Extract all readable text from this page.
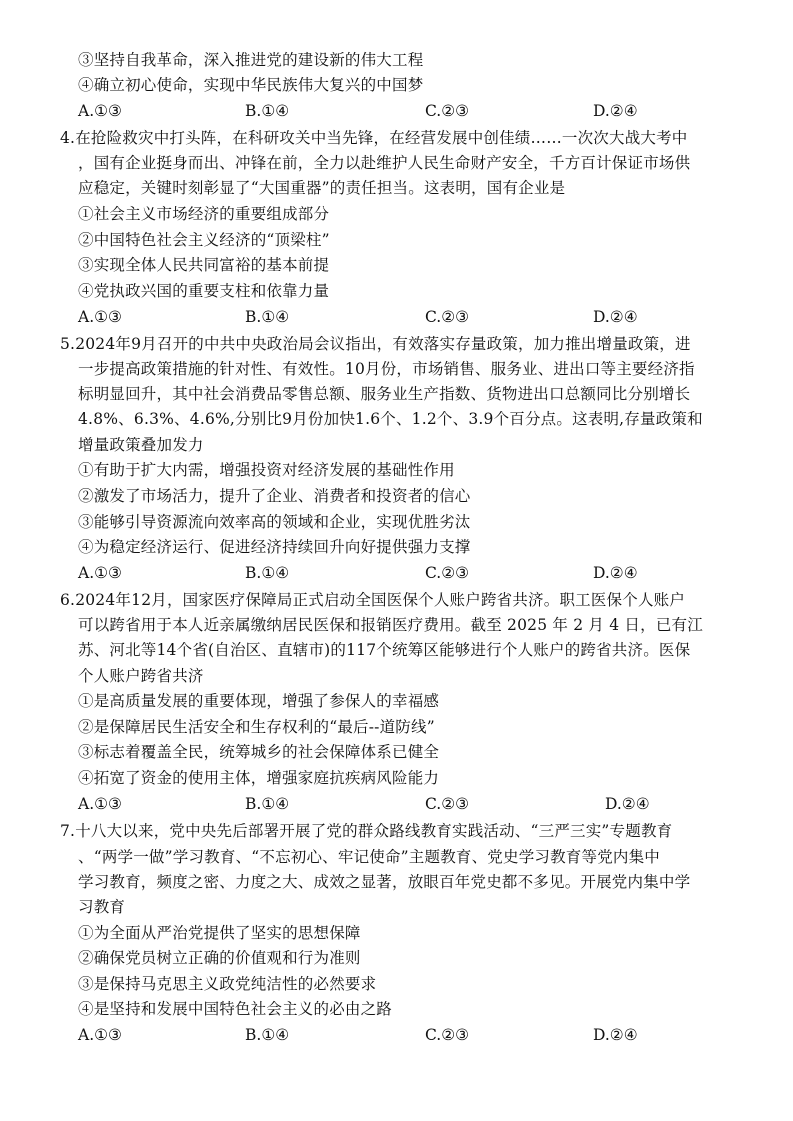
③坚持自我革命，深入推进党的建设新的伟大工程
④确立初心使命，实现中华民族伟大复兴的中国梦
A.①③	B.①④	C.②③	D.②④
4.在抢险救灾中打头阵，在科研攻关中当先锋，在经营发展中创佳绩……一次次大战大考中
，国有企业挺身而出、冲锋在前，全力以赴维护人民生命财产安全，千方百计保证市场供
应稳定，关键时刻彰显了“大国重器”的责任担当。这表明，国有企业是
①社会主义市场经济的重要组成部分
②中国特色社会主义经济的“顶梁柱”
③实现全体人民共同富裕的基本前提
④党执政兴国的重要支柱和依靠力量
A.①③	B.①④	C.②③	D.②④
5.2024年9月召开的中共中央政治局会议指出，有效落实存量政策，加力推出增量政策，进
一步提高政策措施的针对性、有效性。10月份，市场销售、服务业、进出口等主要经济指
标明显回升，其中社会消费品零售总额、服务业生产指数、货物进出口总额同比分别增长
4.8%、6.3%、4.6%,分别比9月份加快1.6个、1.2个、3.9个百分点。这表明,存量政策和
增量政策叠加发力
①有助于扩大内需，增强投资对经济发展的基础性作用
②激发了市场活力，提升了企业、消费者和投资者的信心
③能够引导资源流向效率高的领域和企业，实现优胜劣汰
④为稳定经济运行、促进经济持续回升向好提供强力支撑
A.①③	B.①④	C.②③	D.②④
6.2024年12月，国家医疗保障局正式启动全国医保个人账户跨省共济。职工医保个人账户
可以跨省用于本人近亲属缴纳居民医保和报销医疗费用。截至 2025 年 2 月 4 日，已有江
苏、河北等14个省(自治区、直辖市)的117个统筹区能够进行个人账户的跨省共济。医保
个人账户跨省共济
①是高质量发展的重要体现，增强了参保人的幸福感
②是保障居民生活安全和生存权利的“最后--道防线”
③标志着覆盖全民，统筹城乡的社会保障体系已健全
④拓宽了资金的使用主体，增强家庭抗疾病风险能力
A.①③	B.①④	C.②③	D.②④
7.十八大以来，党中央先后部署开展了党的群众路线教育实践活动、“三严三实”专题教育
、“两学一做”学习教育、“不忘初心、牢记使命”主题教育、党史学习教育等党内集中
学习教育，频度之密、力度之大、成效之显著，放眼百年党史都不多见。开展党内集中学
习教育
①为全面从严治党提供了坚实的思想保障
②确保党员树立正确的价值观和行为准则
③是保持马克思主义政党纯洁性的必然要求
④是坚持和发展中国特色社会主义的必由之路
A.①③	B.①④	C.②③	D.②④
